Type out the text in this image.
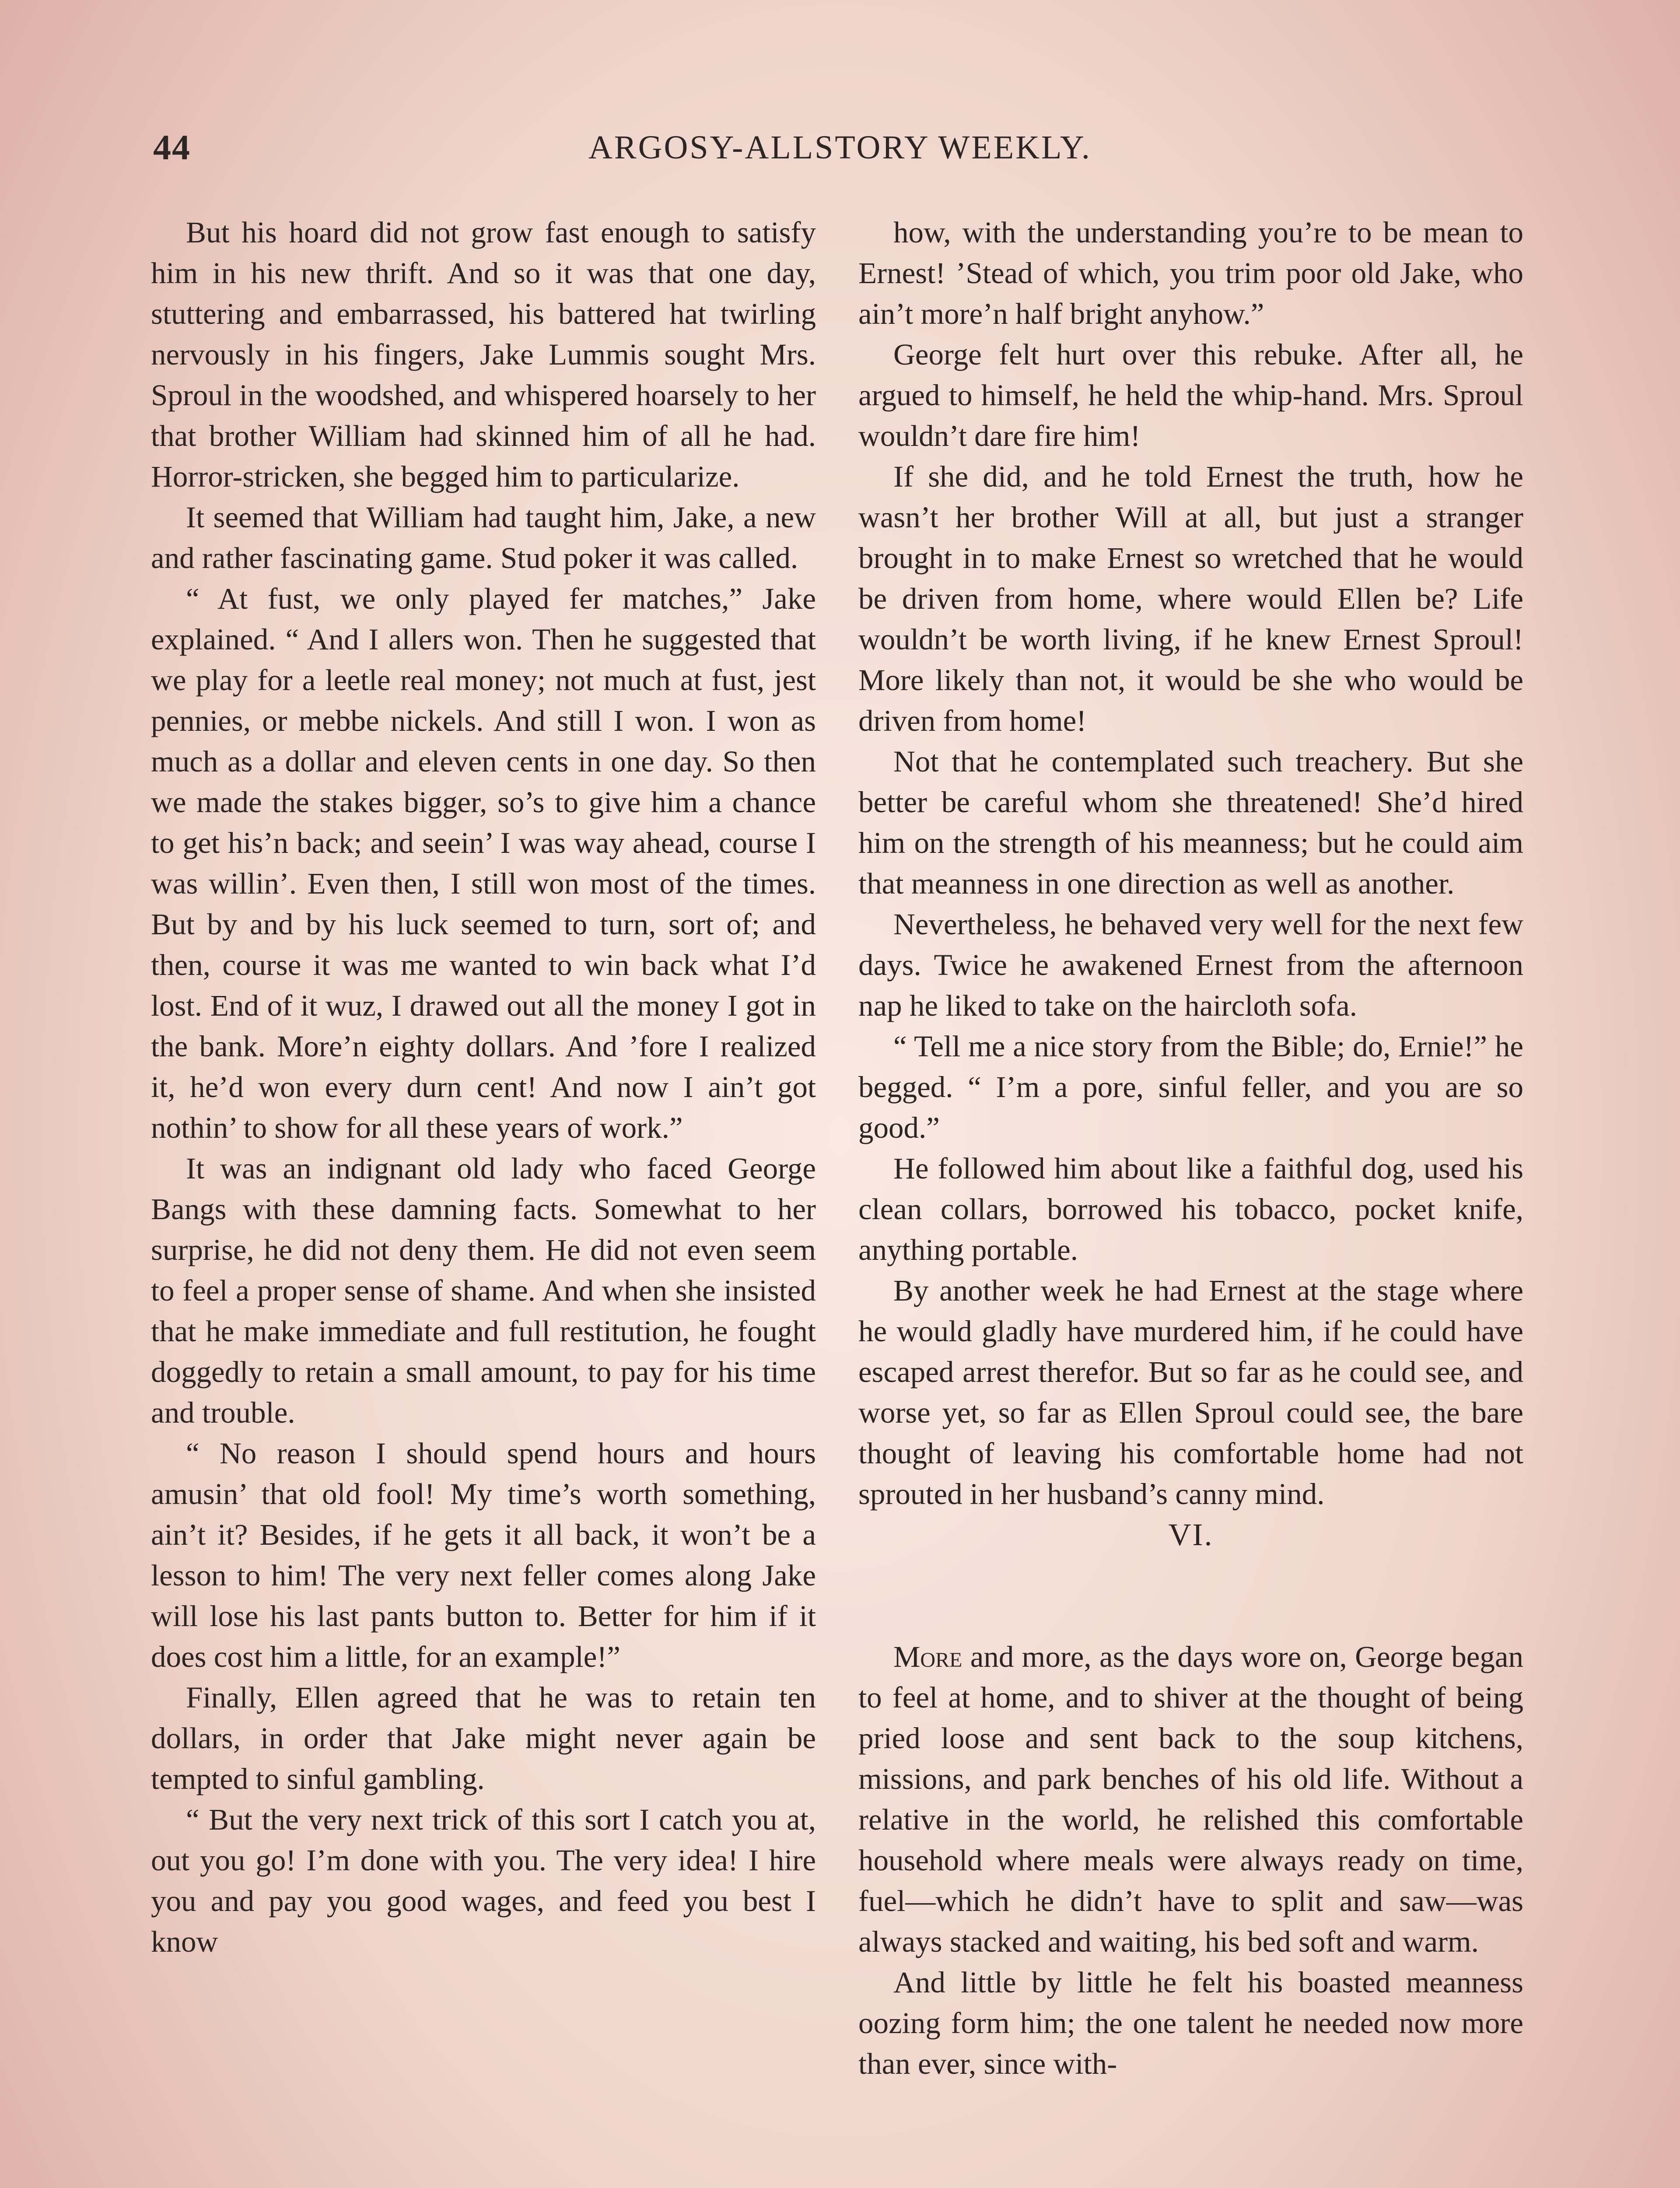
44	ARGOSY-ALLSTORY WEEKLY.

But his hoard did not grow fast enough to satisfy him in his new thrift. And so it was that one day, stuttering and embarrassed, his battered hat twirling nervously in his fingers, Jake Lummis sought Mrs. Sproul in the woodshed, and whispered hoarsely to her that brother William had skinned him of all he had. Horror-stricken, she begged him to particularize.

It seemed that William had taught him, Jake, a new and rather fascinating game. Stud poker it was called.

“ At fust, we only played fer matches,” Jake explained. “ And I allers won. Then he suggested that we play for a leetle real money; not much at fust, jest pennies, or mebbe nickels. And still I won. I won as much as a dollar and eleven cents in one day. So then we made the stakes bigger, so’s to give him a chance to get his’n back; and seein’ I was way ahead, course I was willin’. Even then, I still won most of the times. But by and by his luck seemed to turn, sort of; and then, course it was me wanted to win back what I’d lost. End of it wuz, I drawed out all the money I got in the bank. More’n eighty dollars. And ’fore I realized it, he’d won every durn cent! And now I ain’t got nothin’ to show for all these years of work.”

It was an indignant old lady who faced George Bangs with these damning facts. Somewhat to her surprise, he did not deny them. He did not even seem to feel a proper sense of shame. And when she insisted that he make immediate and full restitution, he fought doggedly to retain a small amount, to pay for his time and trouble.

“ No reason I should spend hours and hours amusin’ that old fool! My time’s worth something, ain’t it? Besides, if he gets it all back, it won’t be a lesson to him! The very next feller comes along Jake will lose his last pants button to. Better for him if it does cost him a little, for an example!”

Finally, Ellen agreed that he was to retain ten dollars, in order that Jake might never again be tempted to sinful gambling.

“ But the very next trick of this sort I catch you at, out you go! I’m done with you. The very idea! I hire you and pay you good wages, and feed you best I know

how, with the understanding you’re to be mean to Ernest! ’Stead of which, you trim poor old Jake, who ain’t more’n half bright anyhow.”

George felt hurt over this rebuke. After all, he argued to himself, he held the whip-hand. Mrs. Sproul wouldn’t dare fire him!

If she did, and he told Ernest the truth, how he wasn’t her brother Will at all, but just a stranger brought in to make Ernest so wretched that he would be driven from home, where would Ellen be? Life wouldn’t be worth living, if he knew Ernest Sproul! More likely than not, it would be she who would be driven from home!

Not that he contemplated such treachery. But she better be careful whom she threatened! She’d hired him on the strength of his meanness; but he could aim that meanness in one direction as well as another.

Nevertheless, he behaved very well for the next few days. Twice he awakened Ernest from the afternoon nap he liked to take on the haircloth sofa.

“ Tell me a nice story from the Bible; do, Ernie!” he begged. “ I’m a pore, sinful feller, and you are so good.”

He followed him about like a faithful dog, used his clean collars, borrowed his tobacco, pocket knife, anything portable.

By another week he had Ernest at the stage where he would gladly have murdered him, if he could have escaped arrest therefor. But so far as he could see, and worse yet, so far as Ellen Sproul could see, the bare thought of leaving his comfortable home had not sprouted in her husband’s canny mind.

VI.

More and more, as the days wore on, George began to feel at home, and to shiver at the thought of being pried loose and sent back to the soup kitchens, missions, and park benches of his old life. Without a relative in the world, he relished this comfortable household where meals were always ready on time, fuel—which he didn’t have to split and saw—was always stacked and waiting, his bed soft and warm.

And little by little he felt his boasted meanness oozing form him; the one talent he needed now more than ever, since with-
